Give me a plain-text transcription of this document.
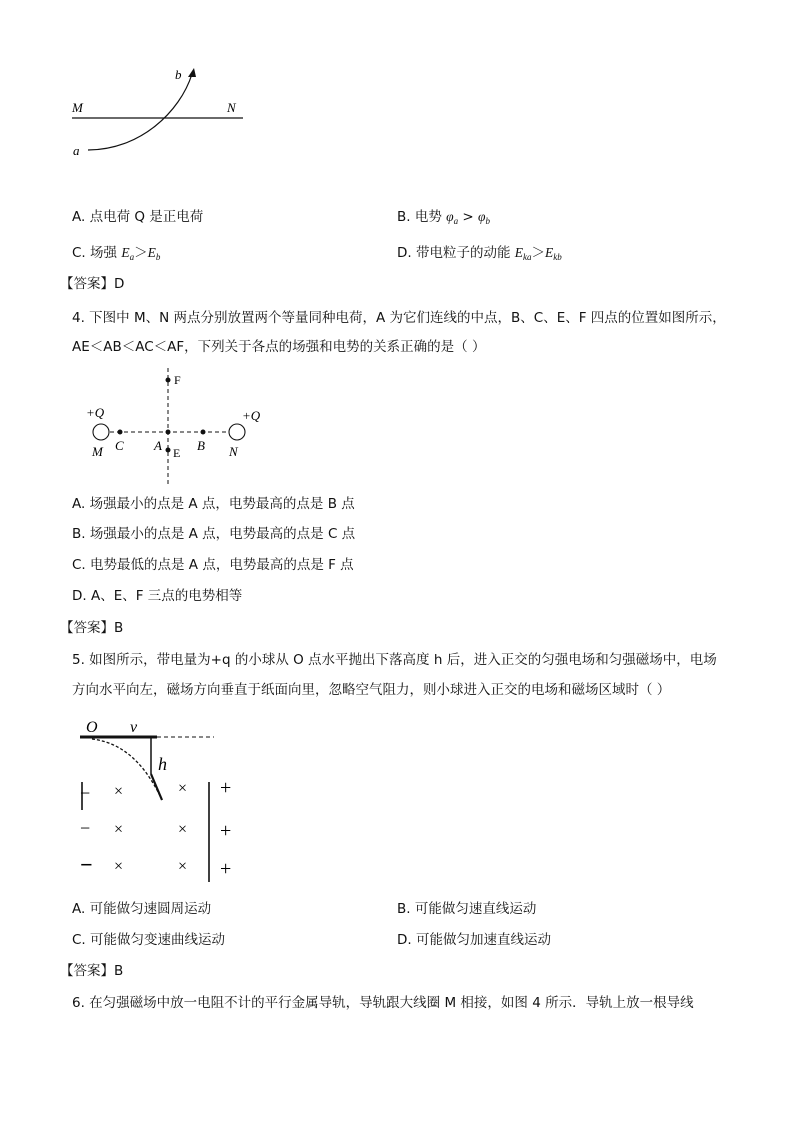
b
M	N
a
A. 点电荷 Q 是正电荷	B. 电势 $\varphi_a > \varphi_b$
C. 场强 $E_a>E_b$	D. 带电粒子的动能 $E_{ka}>E_{kb}$
【答案】D
4. 下图中 M、N 两点分别放置两个等量同种电荷，A 为它们连线的中点，B、C、E、F 四点的位置如图所示，
AE＜AB＜AC＜AF，下列关于各点的场强和电势的关系正确的是（ ）
F
+Q	+Q
M C A	B N
E
A. 场强最小的点是 A 点，电势最高的点是 B 点
B. 场强最小的点是 A 点，电势最高的点是 C 点
C. 电势最低的点是 A 点，电势最高的点是 F 点
D. A、E、F 三点的电势相等
【答案】B
5. 如图所示，带电量为+q 的小球从 O 点水平抛出下落高度 h 后，进入正交的匀强电场和匀强磁场中，电场
方向水平向左，磁场方向垂直于纸面向里，忽略空气阻力，则小球进入正交的电场和磁场区域时（ ）
O v
h
−
−
−
×
×
×
×
×
×
+
+
+
A. 可能做匀速圆周运动	B. 可能做匀速直线运动
C. 可能做匀变速曲线运动	D. 可能做匀加速直线运动
【答案】B
6. 在匀强磁场中放一电阻不计的平行金属导轨，导轨跟大线圈 M 相接，如图 4 所示．导轨上放一根导线
